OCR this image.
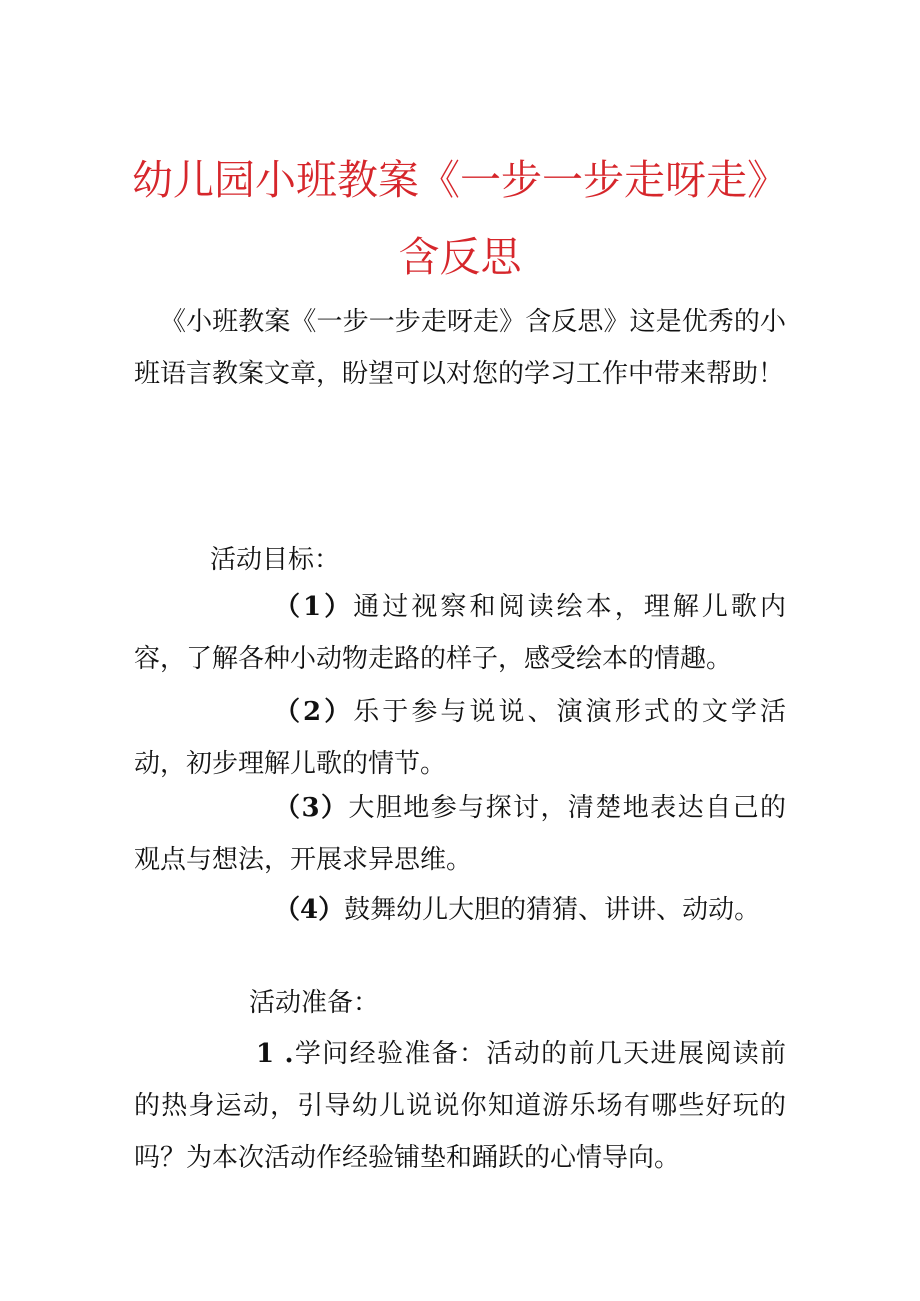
幼儿园小班教案《一步一步走呀走》
含反思
《小班教案《一步一步走呀走》含反思》这是优秀的小班语言教案文章，盼望可以对您的学习工作中带来帮助！
活动目标：
（1）通过视察和阅读绘本，理解儿歌内容，了解各种小动物走路的样子，感受绘本的情趣。
（2）乐于参与说说、演演形式的文学活动，初步理解儿歌的情节。
（3）大胆地参与探讨，清楚地表达自己的观点与想法，开展求异思维。
（4）鼓舞幼儿大胆的猜猜、讲讲、动动。
活动准备：
1 .学问经验准备：活动的前几天进展阅读前的热身运动，引导幼儿说说你知道游乐场有哪些好玩的吗？为本次活动作经验铺垫和踊跃的心情导向。
